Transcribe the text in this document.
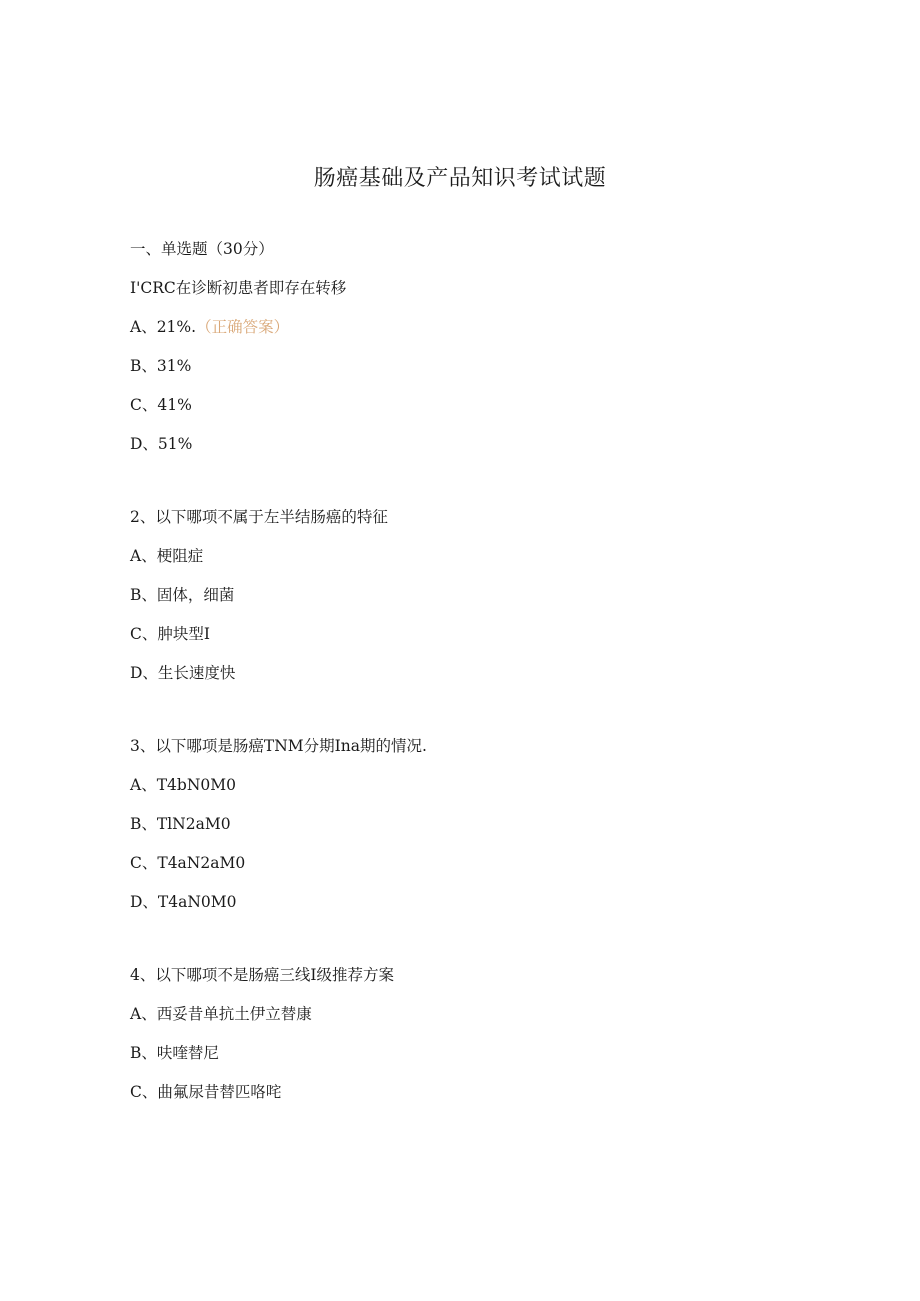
肠癌基础及产品知识考试试题
一、单选题（30分）
I'CRC在诊断初患者即存在转移
A、21%.（正确答案）
B、31%
C、41%
D、51%
2、以下哪项不属于左半结肠癌的特征
A、梗阻症
B、固体，细菌
C、肿块型I
D、生长速度快
3、以下哪项是肠癌TNM分期Ina期的情况.
A、T4bN0M0
B、TlN2aM0
C、T4aN2aM0
D、T4aN0M0
4、以下哪项不是肠癌三线I级推荐方案
A、西妥昔单抗土伊立替康
B、呋喹替尼
C、曲氟尿昔替匹咯咤
